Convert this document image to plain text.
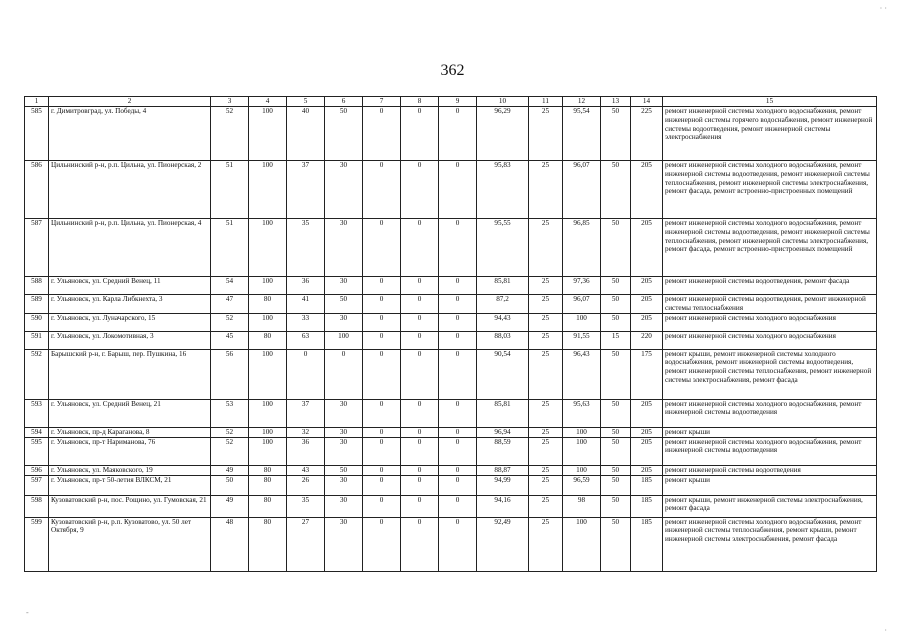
362
1	2	3	4	5	6	7	8	9	10	11	12	13	14	15
585	г. Димитровград, ул. Победы, 4	52	100	40	50	0	0	0	96,29	25	95,54	50	225	ремонт инженерной системы холодного водоснабжения, ремонт инженерной системы горячего водоснабжения, ремонт инженерной системы водоотведения, ремонт инженерной системы электроснабжения
586	Цильнинский р-н, р.п. Цильна, ул. Пионерская, 2	51	100	37	30	0	0	0	95,83	25	96,07	50	205	ремонт инженерной системы холодного водоснабжения, ремонт инженерной системы водоотведения, ремонт инженерной системы теплоснабжения, ремонт инженерной системы электроснабжения, ремонт фасада, ремонт встроенно-пристроенных помещений
587	Цильнинский р-н, р.п. Цильна, ул. Пионерская, 4	51	100	35	30	0	0	0	95,55	25	96,85	50	205	ремонт инженерной системы холодного водоснабжения, ремонт инженерной системы водоотведения, ремонт инженерной системы теплоснабжения, ремонт инженерной системы электроснабжения, ремонт фасада, ремонт встроенно-пристроенных помещений
588	г. Ульяновск, ул. Средний Венец, 11	54	100	36	30	0	0	0	85,81	25	97,36	50	205	ремонт инженерной системы водоотведения, ремонт фасада
589	г. Ульяновск, ул. Карла Либкнехта, 3	47	80	41	50	0	0	0	87,2	25	96,07	50	205	ремонт инженерной системы водоотведения, ремонт инженерной системы теплоснабжения
590	г. Ульяновск, ул. Луначарского, 15	52	100	33	30	0	0	0	94,43	25	100	50	205	ремонт инженерной системы холодного водоснабжения
591	г. Ульяновск, ул. Локомотивная, 3	45	80	63	100	0	0	0	88,03	25	91,55	15	220	ремонт инженерной системы холодного водоснабжения
592	Барышский р-н, г. Барыш, пер. Пушкина, 16	56	100	0	0	0	0	0	90,54	25	96,43	50	175	ремонт крыши, ремонт инженерной системы холодного водоснабжения, ремонт инженерной системы водоотведения, ремонт инженерной системы теплоснабжения, ремонт инженерной системы электроснабжения, ремонт фасада
593	г. Ульяновск, ул. Средний Венец, 21	53	100	37	30	0	0	0	85,81	25	95,63	50	205	ремонт инженерной системы холодного водоснабжения, ремонт инженерной системы водоотведения
594	г. Ульяновск, пр-д Караганова, 8	52	100	32	30	0	0	0	96,94	25	100	50	205	ремонт крыши
595	г. Ульяновск, пр-т Нариманова, 76	52	100	36	30	0	0	0	88,59	25	100	50	205	ремонт инженерной системы холодного водоснабжения, ремонт инженерной системы водоотведения
596	г. Ульяновск, ул. Маяковского, 19	49	80	43	50	0	0	0	88,87	25	100	50	205	ремонт инженерной системы водоотведения
597	г. Ульяновск, пр-т 50-летия ВЛКСМ, 21	50	80	26	30	0	0	0	94,99	25	96,59	50	185	ремонт крыши
598	Кузоватовский р-н, пос. Рощино, ул. Гумовская, 21	49	80	35	30	0	0	0	94,16	25	98	50	185	ремонт крыши, ремонт инженерной системы электроснабжения, ремонт фасада
599	Кузоватовский р-н, р.п. Кузоватово, ул. 50 лет Октября, 9	48	80	27	30	0	0	0	92,49	25	100	50	185	ремонт инженерной системы холодного водоснабжения, ремонт инженерной системы теплоснабжения, ремонт крыши, ремонт инженерной системы электроснабжения, ремонт фасада
· ·
-
·
